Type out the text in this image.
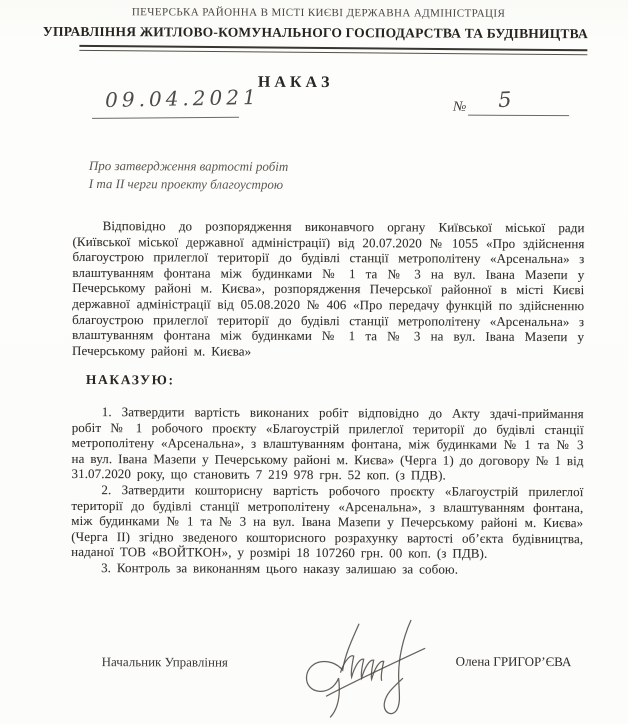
ПЕЧЕРСЬКА РАЙОННА В МІСТІ КИЄВІ ДЕРЖАВНА АДМІНІСТРАЦІЯ
УПРАВЛІННЯ ЖИТЛОВО-КОМУНАЛЬНОГО ГОСПОДАРСТВА ТА БУДІВНИЦТВА
Н А К А З
09.04.2021	№ 5
Про затвердження вартості робіт
І та ІІ черги проекту благоустрою
Відповідно до розпорядження виконавчого органу Київської міської ради (Київської міської державної адміністрації) від 20.07.2020 № 1055 «Про здійснення благоустрою прилеглої території до будівлі станції метрополітену «Арсенальна» з влаштуванням фонтана між будинками № 1 та № 3 на вул. Івана Мазепи у Печерському районі м. Києва», розпорядження Печерської районної в місті Києві державної адміністрації від 05.08.2020 № 406 «Про передачу функцій по здійсненню благоустрою прилеглої території до будівлі станції метрополітену «Арсенальна» з влаштуванням фонтана між будинками № 1 та № 3 на вул. Івана Мазепи у Печерському районі м. Києва»
НАКАЗУЮ:

1. Затвердити вартість виконаних робіт відповідно до Акту здачі-приймання робіт № 1 робочого проєкту «Благоустрій прилеглої території до будівлі станції метрополітену «Арсенальна», з влаштуванням фонтана, між будинками № 1 та № 3 на вул. Івана Мазепи у Печерському районі м. Києва» (Черга 1) до договору № 1 від 31.07.2020 року, що становить 7 219 978 грн. 52 коп. (з ПДВ).

2. Затвердити кошторисну вартість робочого проєкту «Благоустрій прилеглої території до будівлі станції метрополітену «Арсенальна», з влаштуванням фонтана, між будинками № 1 та № 3 на вул. Івана Мазепи у Печерському районі м. Києва» (Черга ІІ) згідно зведеного кошторисного розрахунку вартості об’єкта будівництва, наданої ТОВ «ВОЙТКОН», у розмірі 18 107260 грн. 00 коп. (з ПДВ).

3. Контроль за виконанням цього наказу залишаю за собою.

Начальник Управління	Олена ГРИГОР’ЄВА
